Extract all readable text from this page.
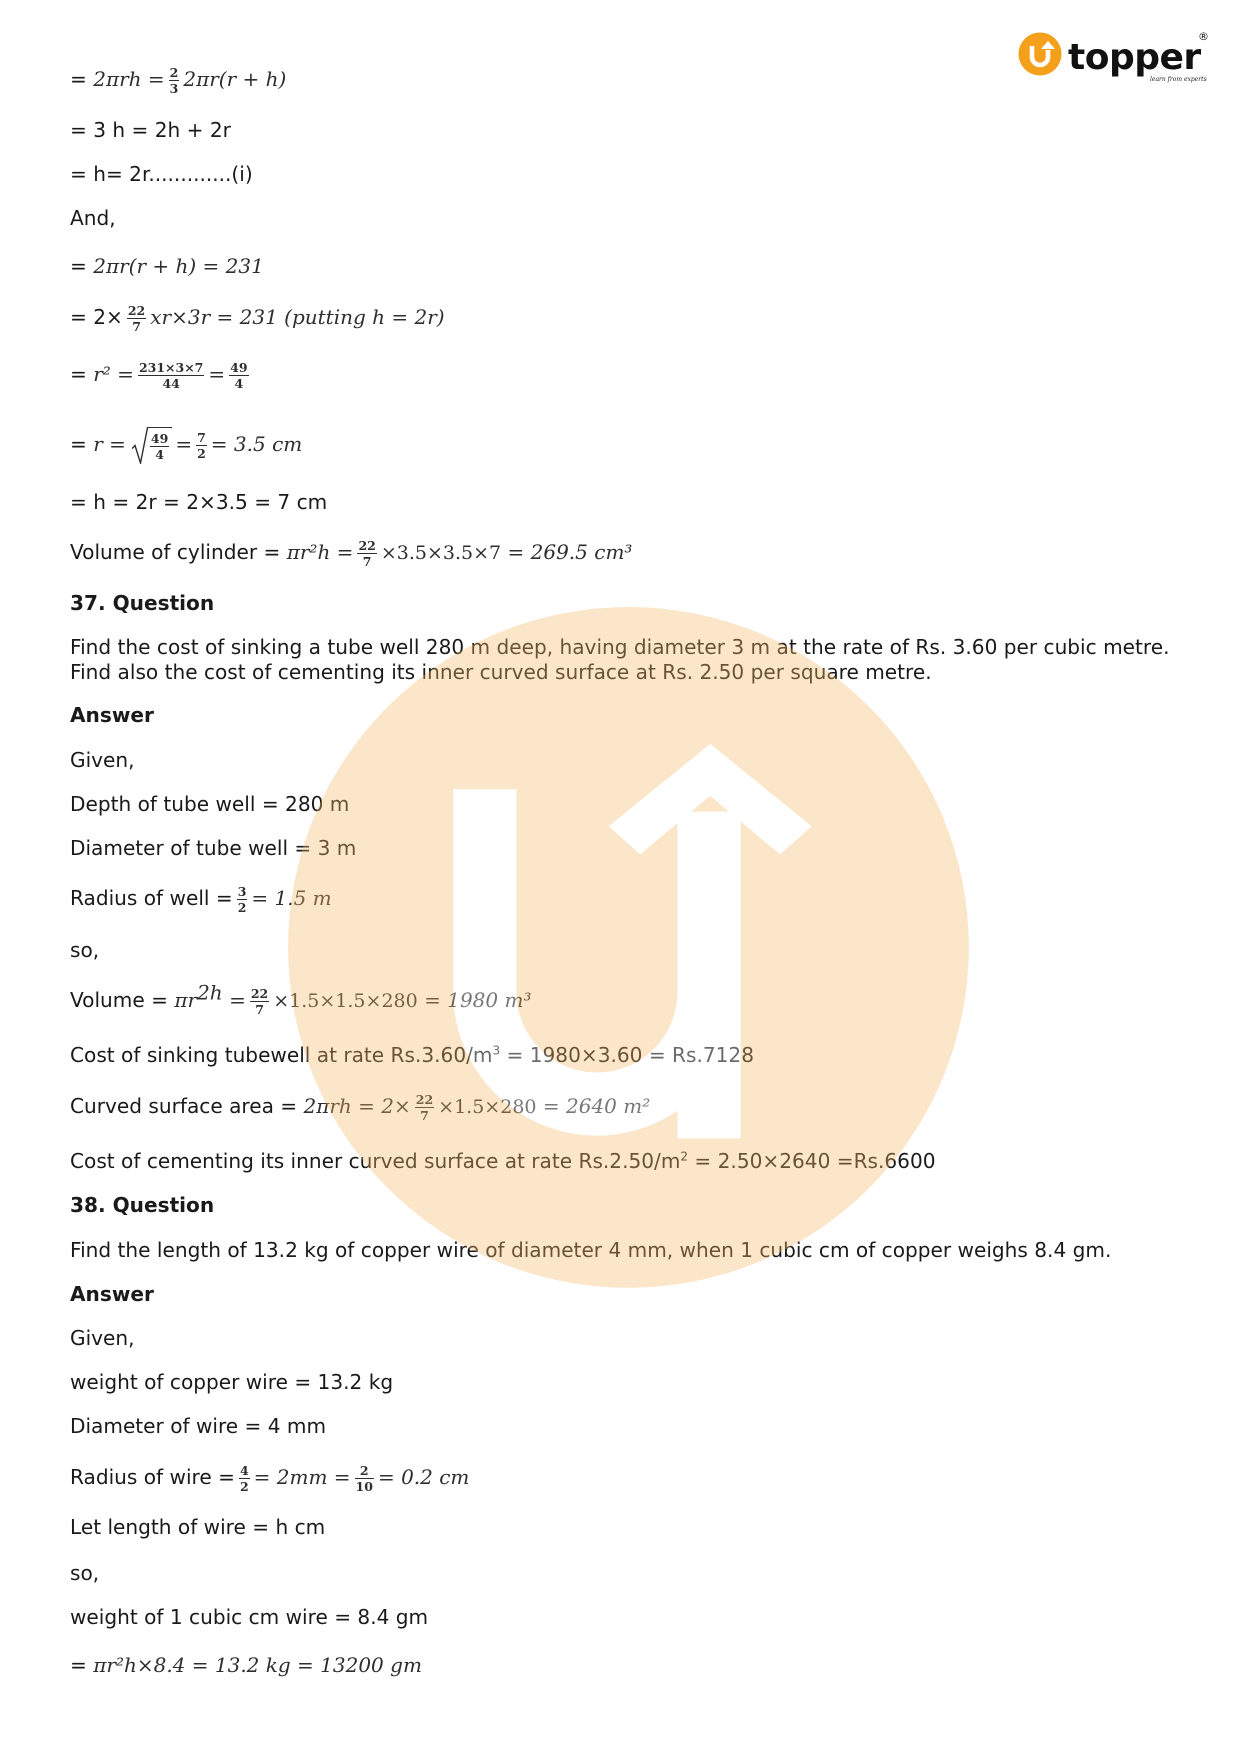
topper
®
learn from experts
= $2\pi rh = \frac{2}{3} 2\pi r(r + h)$
= 3 h = 2h + 2r
= h= 2r.............(i)
And,
= 2πr(r + h) = 231
= $2\times \frac{22}{7} xr\times 3r = 231$ (putting h = 2r)
= $r^2 = \frac{231\times 3\times 7}{44} = \frac{49}{4}$
= $r = \frac{49}{4} = \frac{7}{2} = 3.5$ cm
= h = 2r = 2×3.5 = 7 cm
Volume of cylinder = $\pi r^2h = \frac{22}{7} \times 3.5\times 3.5\times 7 = 269.5$ cm³
37. Question
Find the cost of sinking a tube well 280 m deep, having diameter 3 m at the rate of Rs. 3.60 per cubic metre.
Find also the cost of cementing its inner curved surface at Rs. 2.50 per square metre.
Answer
Given,
Depth of tube well = 280 m
Diameter of tube well = 3 m
Radius of well = $\frac{3}{2} = 1.5$ m
so,
Volume = $\pi r^{2h} = \frac{22}{7} \times 1.5\times 1.5\times 280 = 1980$ m³
Cost of sinking tubewell at rate $Rs.3.60/m^3 = 1980\times 3.60 = Rs.7128$
Curved surface area = $2\pi rh = 2\times \frac{22}{7} \times 1.5\times 280 = 2640$ m²
Cost of cementing its inner curved surface at rate $Rs.2.50/m^2 = 2.50\times 2640 =Rs.6600$
38. Question
Find the length of 13.2 kg of copper wire of diameter 4 mm, when 1 cubic cm of copper weighs 8.4 gm.
Answer
Given,
weight of copper wire = 13.2 kg
Diameter of wire = 4 mm
Radius of wire = $\frac{4}{2} = 2mm = \frac{2}{10} = 0.2$ cm
Let length of wire = h cm
so,
weight of 1 cubic cm wire = 8.4 gm
= πr²h×8.4 = 13.2 kg = 13200 gm
